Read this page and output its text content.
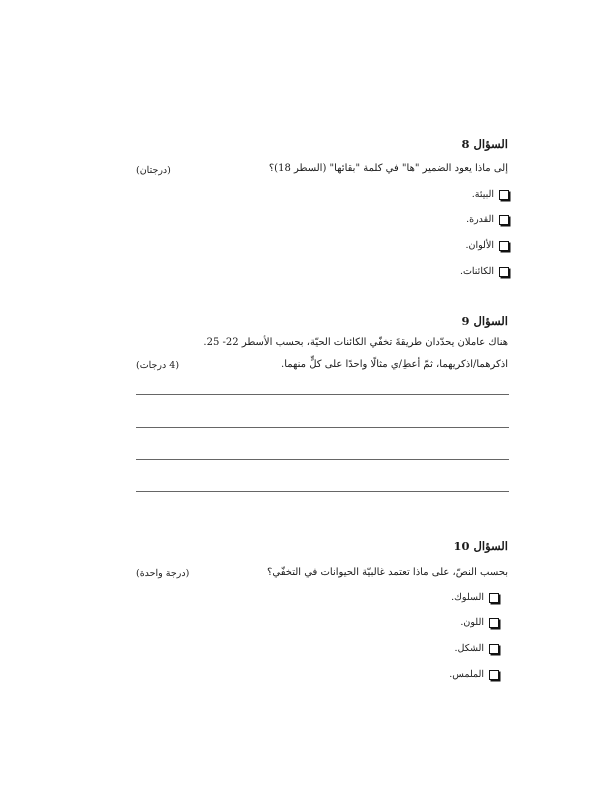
السؤال 8
إلى ماذا يعود الضمير "ها" في كلمة "بقائها" (السطر 18)؟
(درجتان)
البيئة.
القدرة.
الألوان.
الكائنات.
السؤال 9
هناك عاملان يحدّدان طريقةَ تخفّي الكائنات الحيّة، بحسب الأسطر 22- 25.
اذكرهما/اذكريهما، ثمّ أعطِ/ي مثالًا واحدًا على كلٍّ منهما.
(4 درجات)
السؤال 10
بحسب النصّ، على ماذا تعتمد غالبيّة الحيوانات في التخفّي؟
(درجة واحدة)
السلوك.
اللون.
الشكل.
الملمس.
